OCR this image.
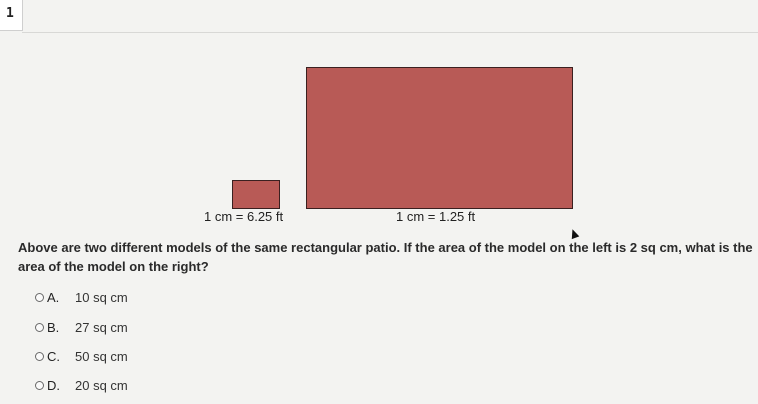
1
1 cm = 6.25 ft	1 cm = 1.25 ft
Above are two different models of the same rectangular patio. If the area of the model on the left is 2 sq cm, what is the area of the model on the right?
A.	10 sq cm
B.	27 sq cm
C.	50 sq cm
D.	20 sq cm
